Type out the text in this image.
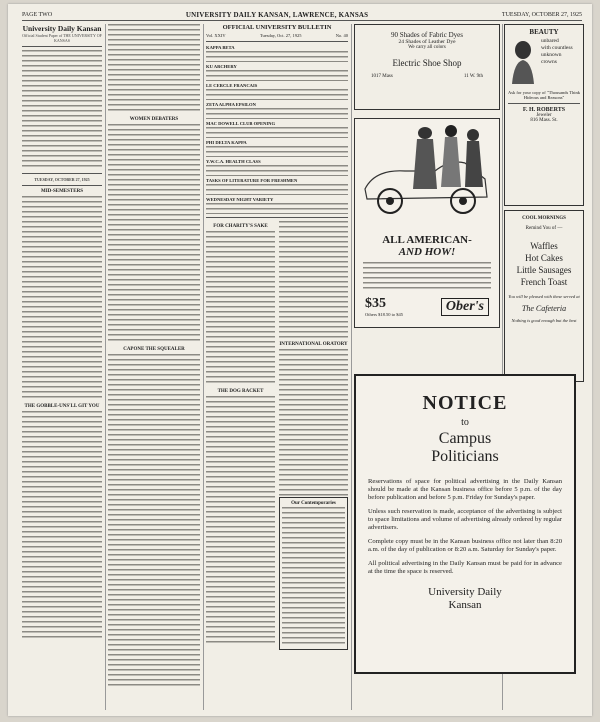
PAGE TWO	UNIVERSITY DAILY KANSAN, LAWRENCE, KANSAS	TUESDAY, OCTOBER 27, 1925
University Daily Kansan
Official Student Paper of THE UNIVERSITY OF KANSAS
TUESDAY, OCTOBER 27, 1925
MID-SEMESTERS
THE GOBBLE-UNS'LL GIT YOU
WOMEN DEBATERS
CAPONE THE SQUEALER
OFFICIAL UNIVERSITY BULLETIN
Vol. XXIV	Tuesday, Oct. 27, 1925	No. 40
KAPPA BETA
KU ARCHERY
LE CERCLE FRANCAIS
ZETA ALPHA EPSILON
MAC DOWELL CLUB OPENING
PHI DELTA KAPPA
Y.W.C.A. HEALTH CLASS
TASKS OF LITERATURE FOR FRESHMEN
WEDNESDAY NIGHT VARIETY
FOR CHARITY'S SAKE
THE DOG RACKET
INTERNATIONAL ORATORY
Our Contemporaries
90 Shades of Fabric Dyes
24 Shades of Leather Dye
We carry all colors
Electric Shoe Shop
1017 Mass	11 W. 9th
ALL AMERICAN-
AND HOW!
$35
Others $18.50 to $45
Ober's
BEAUTY
unbared
with countless
unknown
crowns
Ask for your copy of "Thousands Think Hideous and Reasons"
F. H. ROBERTS
Jeweler
816 Mass. St.
COOL MORNINGS
Remind You of —
Waffles
Hot Cakes
Little Sausages
French Toast
You will be pleased with these served at
The Cafeteria
Nothing is good enough but the best
NOTICE
to
Campus
Politicians

Reservations of space for political advertising in the Daily Kansan should be made at the Kansan business office before 5 p.m. of the day before publication and before 5 p.m. Friday for Sunday's paper.

Unless such reservation is made, acceptance of the advertising is subject to space limitations and volume of advertising already ordered by regular advertisers.

Complete copy must be in the Kansan business office not later than 8:20 a.m. of the day of publication or 8:20 a.m. Saturday for Sunday's paper.

All political advertising in the Daily Kansan must be paid for in advance at the time the space is reserved.

University Daily
Kansan
